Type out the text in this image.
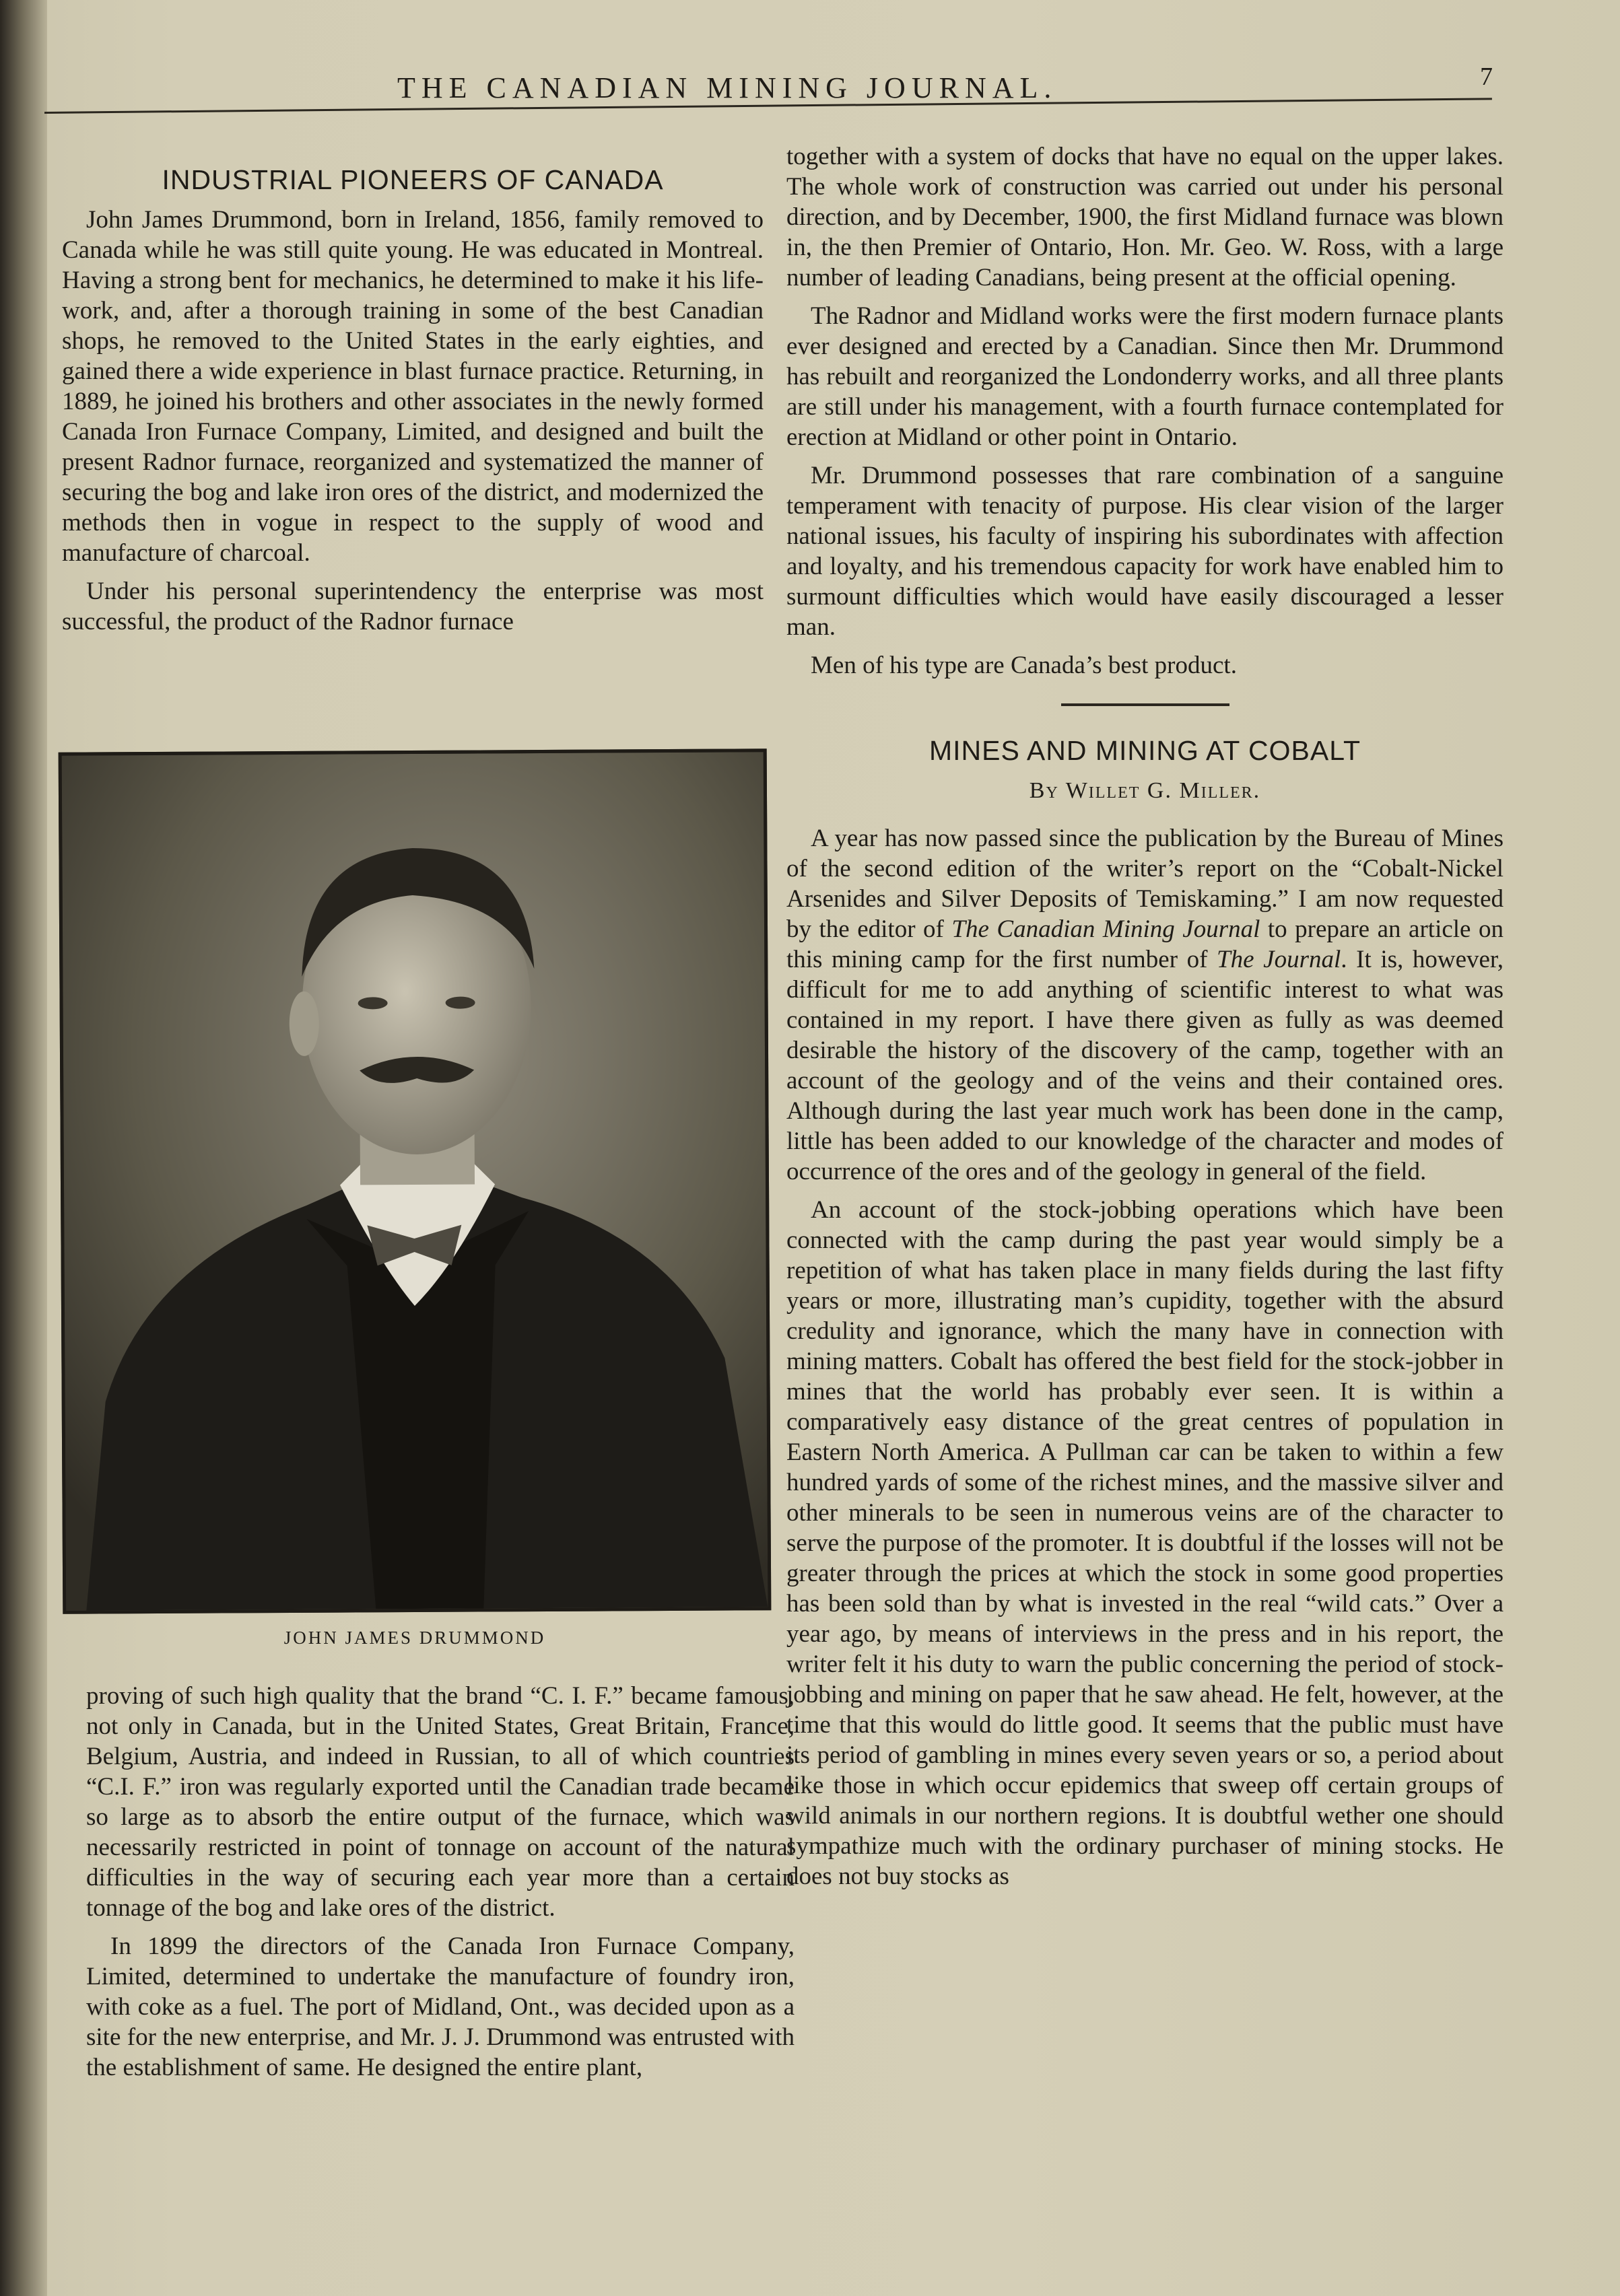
THE CANADIAN MINING JOURNAL.	7
INDUSTRIAL PIONEERS OF CANADA

John James Drummond, born in Ireland, 1856, family removed to Canada while he was still quite young. He was educated in Montreal. Having a strong bent for mechanics, he determined to make it his life-work, and, after a thorough training in some of the best Canadian shops, he removed to the United States in the early eighties, and gained there a wide experience in blast furnace practice. Returning, in 1889, he joined his brothers and other associates in the newly formed Canada Iron Furnace Company, Limited, and designed and built the present Radnor furnace, reorganized and systematized the manner of securing the bog and lake iron ores of the district, and modernized the methods then in vogue in respect to the supply of wood and manufacture of charcoal.

Under his personal superintendency the enterprise was most successful, the product of the Radnor furnace

JOHN JAMES DRUMMOND

proving of such high quality that the brand “C. I. F.” became famous, not only in Canada, but in the United States, Great Britain, France, Belgium, Austria, and indeed in Russian, to all of which countries “C.I. F.” iron was regularly exported until the Canadian trade became so large as to absorb the entire output of the furnace, which was necessarily restricted in point of tonnage on account of the natural difficulties in the way of securing each year more than a certain tonnage of the bog and lake ores of the district.

In 1899 the directors of the Canada Iron Furnace Company, Limited, determined to undertake the manufacture of foundry iron, with coke as a fuel. The port of Midland, Ont., was decided upon as a site for the new enterprise, and Mr. J. J. Drummond was entrusted with the establishment of same. He designed the entire plant,

together with a system of docks that have no equal on the upper lakes. The whole work of construction was carried out under his personal direction, and by December, 1900, the first Midland furnace was blown in, the then Premier of Ontario, Hon. Mr. Geo. W. Ross, with a large number of leading Canadians, being present at the official opening.

The Radnor and Midland works were the first modern furnace plants ever designed and erected by a Canadian. Since then Mr. Drummond has rebuilt and reorganized the Londonderry works, and all three plants are still under his management, with a fourth furnace contemplated for erection at Midland or other point in Ontario.

Mr. Drummond possesses that rare combination of a sanguine temperament with tenacity of purpose. His clear vision of the larger national issues, his faculty of inspiring his subordinates with affection and loyalty, and his tremendous capacity for work have enabled him to surmount difficulties which would have easily discouraged a lesser man.

Men of his type are Canada’s best product.

MINES AND MINING AT COBALT
By Willet G. Miller.

A year has now passed since the publication by the Bureau of Mines of the second edition of the writer’s report on the “Cobalt-Nickel Arsenides and Silver Deposits of Temiskaming.” I am now requested by the editor of The Canadian Mining Journal to prepare an article on this mining camp for the first number of The Journal. It is, however, difficult for me to add anything of scientific interest to what was contained in my report. I have there given as fully as was deemed desirable the history of the discovery of the camp, together with an account of the geology and of the veins and their contained ores. Although during the last year much work has been done in the camp, little has been added to our knowledge of the character and modes of occurrence of the ores and of the geology in general of the field.

An account of the stock-jobbing operations which have been connected with the camp during the past year would simply be a repetition of what has taken place in many fields during the last fifty years or more, illustrating man’s cupidity, together with the absurd credulity and ignorance, which the many have in connection with mining matters. Cobalt has offered the best field for the stock-jobber in mines that the world has probably ever seen. It is within a comparatively easy distance of the great centres of population in Eastern North America. A Pullman car can be taken to within a few hundred yards of some of the richest mines, and the massive silver and other minerals to be seen in numerous veins are of the character to serve the purpose of the promoter. It is doubtful if the losses will not be greater through the prices at which the stock in some good properties has been sold than by what is invested in the real “wild cats.” Over a year ago, by means of interviews in the press and in his report, the writer felt it his duty to warn the public concerning the period of stock-jobbing and mining on paper that he saw ahead. He felt, however, at the time that this would do little good. It seems that the public must have its period of gambling in mines every seven years or so, a period about like those in which occur epidemics that sweep off certain groups of wild animals in our northern regions. It is doubtful wether one should sympathize much with the ordinary purchaser of mining stocks. He does not buy stocks as
